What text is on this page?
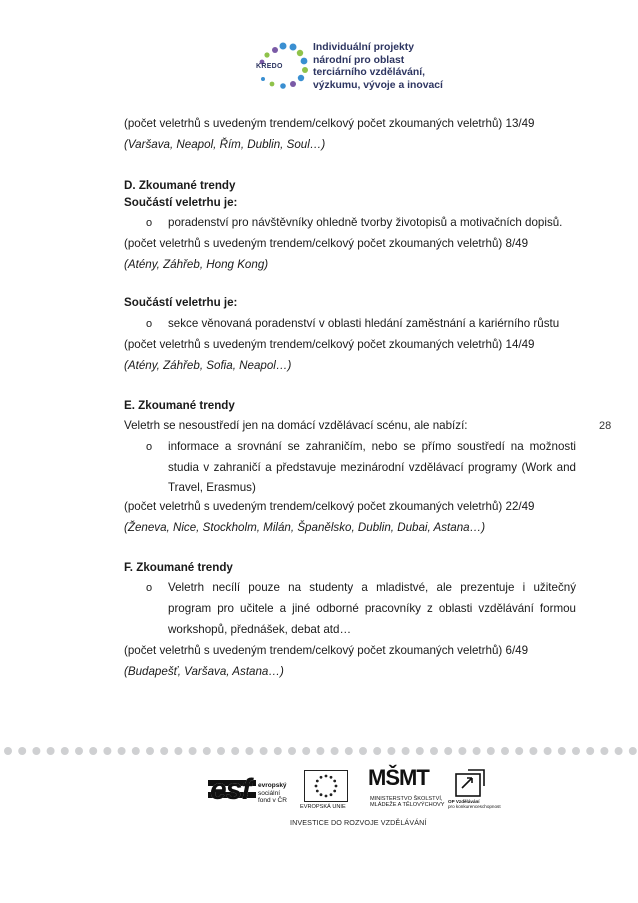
KREDO
Individuální projekty
národní pro oblast
terciárního vzdělávání,
výzkumu, vývoje a inovací
(počet veletrhů s uvedeným trendem/celkový počet zkoumaných veletrhů) 13/49
(Varšava, Neapol, Řím, Dublin, Soul…)
D. Zkoumané trendy
Součástí veletrhu je:
o poradenství pro návštěvníky ohledně tvorby životopisů a motivačních dopisů.
(počet veletrhů s uvedeným trendem/celkový počet zkoumaných veletrhů) 8/49
(Atény, Záhřeb, Hong Kong)
Součástí veletrhu je:
o sekce věnovaná poradenství v oblasti hledání zaměstnání a kariérního růstu
(počet veletrhů s uvedeným trendem/celkový počet zkoumaných veletrhů) 14/49
(Atény, Záhřeb, Sofia, Neapol…)
E. Zkoumané trendy
Veletrh se nesoustředí jen na domácí vzdělávací scénu, ale nabízí:	28
o informace a srovnání se zahraničím, nebo se přímo soustředí na možnosti
studia v zahraničí a představuje mezinárodní vzdělávací programy (Work and
Travel, Erasmus)
(počet veletrhů s uvedeným trendem/celkový počet zkoumaných veletrhů) 22/49
(Ženeva, Nice, Stockholm, Milán, Španělsko, Dublin, Dubai, Astana…)
F. Zkoumané trendy
o Veletrh necílí pouze na studenty a mladistvé, ale prezentuje i užitečný
program pro učitele a jiné odborné pracovníky z oblasti vzdělávání formou
workshopů, přednášek, debat atd…
(počet veletrhů s uvedeným trendem/celkový počet zkoumaných veletrhů) 6/49
(Budapešť, Varšava, Astana…)
esf evropský
sociální
fond v ČR
EVROPSKÁ UNIE
MŠMT
MINISTERSTVO ŠKOLSTVÍ,
MLÁDEŽE A TĚLOVÝCHOVY
OP Vzdělávání
pro konkurenceschopnost
INVESTICE DO ROZVOJE VZDĚLÁVÁNÍ
